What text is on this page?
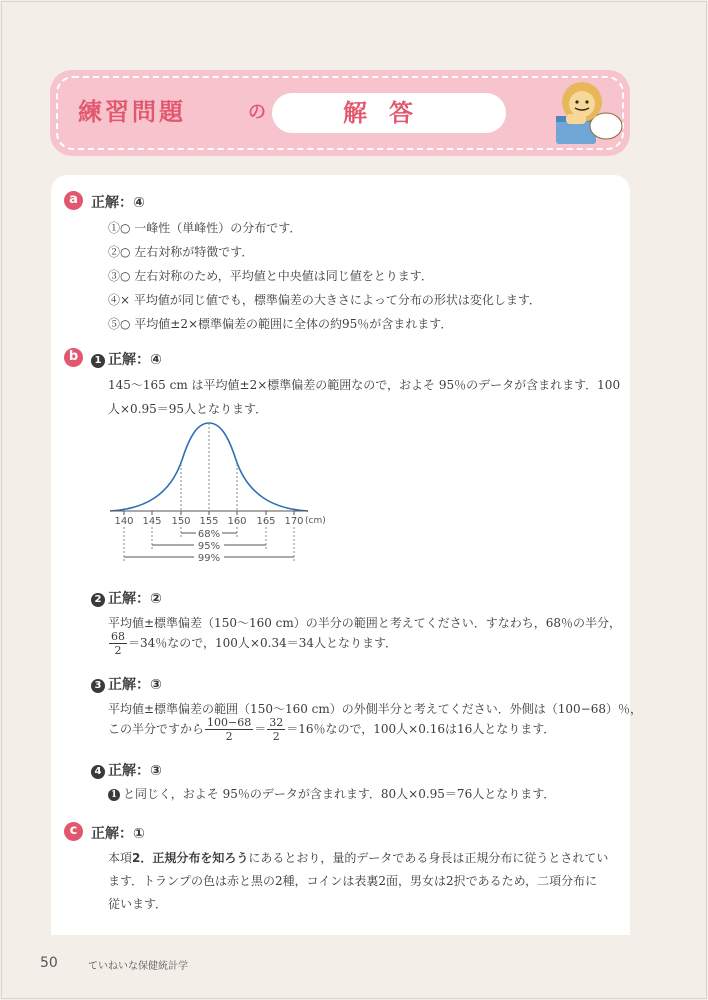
練習問題	の	解答
a 正解：④
①○ 一峰性（単峰性）の分布です．
②○ 左右対称が特徴です．
③○ 左右対称のため，平均値と中央値は同じ値をとります．
④× 平均値が同じ値でも，標準偏差の大きさによって分布の形状は変化します．
⑤○ 平均値±2×標準偏差の範囲に全体の約95％が含まれます．
b	1 正解：④
145〜165 cm は平均値±2×標準偏差の範囲なので，およそ 95％のデータが含まれます．100
人×0.95＝95人となります．
140 145 150 155 160 165 170 (cm)
68%
95%
99%
2 正解：②
平均値±標準偏差（150〜160 cm）の半分の範囲と考えてください．すなわち，68％の半分，
$\frac{68}{2} =34$％なので，100人×0.34＝34人となります．
3 正解：③
平均値±標準偏差の範囲（150〜160 cm）の外側半分と考えてください．外側は（100−68）％，
この半分ですから $\frac{100-68}{2} = \frac{32}{2} =16$％なので，100人×0.16は16人となります．
4 正解：③
1 と同じく，およそ 95％のデータが含まれます．80人×0.95＝76人となります．
c 正解：①
本項2．正規分布を知ろうにあるとおり，量的データである身長は正規分布に従うとされてい
ます．トランプの色は赤と黒の2種，コインは表裏2面，男女は2択であるため，二項分布に
従います．
50	ていねいな保健統計学
